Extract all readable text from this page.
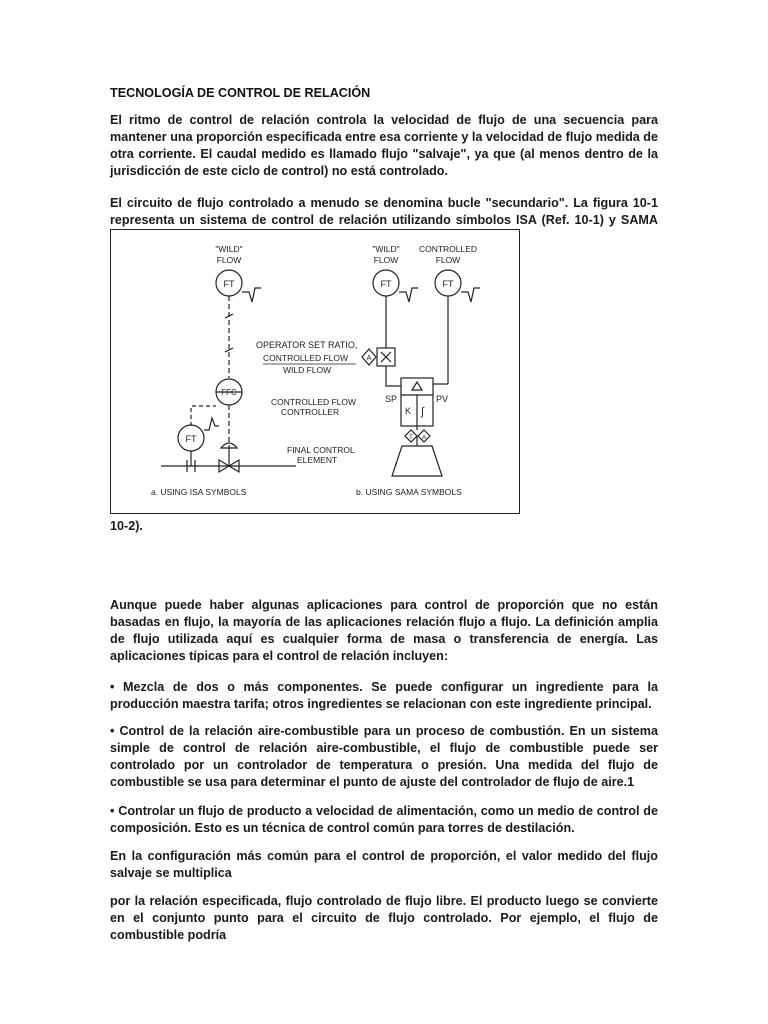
TECNOLOGÍA DE CONTROL DE RELACIÓN
El ritmo de control de relación controla la velocidad de flujo de una secuencia para mantener una proporción especificada entre esa corriente y la velocidad de flujo medida de otra corriente. El caudal medido es llamado flujo "salvaje", ya que (al menos dentro de la jurisdicción de este ciclo de control) no está controlado.
El circuito de flujo controlado a menudo se denomina bucle "secundario". La figura 10-1 representa un sistema de control de relación utilizando símbolos ISA (Ref. 10-1) y SAMA
"WILD"
FLOW
FT
FFC
FT
"WILD"
FLOW
CONTROLLED
FLOW
FT	FT
OPERATOR SET RATIO,
CONTROLLED FLOW
WILD FLOW
A
CONTROLLED FLOW
CONTROLLER
FINAL CONTROL
ELEMENT
SP	PV
K ∫
T A
a. USING ISA SYMBOLS	b. USING SAMA SYMBOLS
10-2).
Aunque puede haber algunas aplicaciones para control de proporción que no están basadas en flujo, la mayoría de las aplicaciones relación flujo a flujo. La definición amplia de flujo utilizada aquí es cualquier forma de masa o transferencia de energía. Las aplicaciones típicas para el control de relación incluyen:
• Mezcla de dos o más componentes. Se puede configurar un ingrediente para la producción maestra tarifa; otros ingredientes se relacionan con este ingrediente principal.
• Control de la relación aire-combustible para un proceso de combustión. En un sistema simple de control de relación aire-combustible, el flujo de combustible puede ser controlado por un controlador de temperatura o presión. Una medida del flujo de combustible se usa para determinar el punto de ajuste del controlador de flujo de aire.1
• Controlar un flujo de producto a velocidad de alimentación, como un medio de control de composición. Esto es un técnica de control común para torres de destilación.
En la configuración más común para el control de proporción, el valor medido del flujo salvaje se multiplica
por la relación especificada, flujo controlado de flujo libre. El producto luego se convierte en el conjunto punto para el circuito de flujo controlado. Por ejemplo, el flujo de combustible podría
